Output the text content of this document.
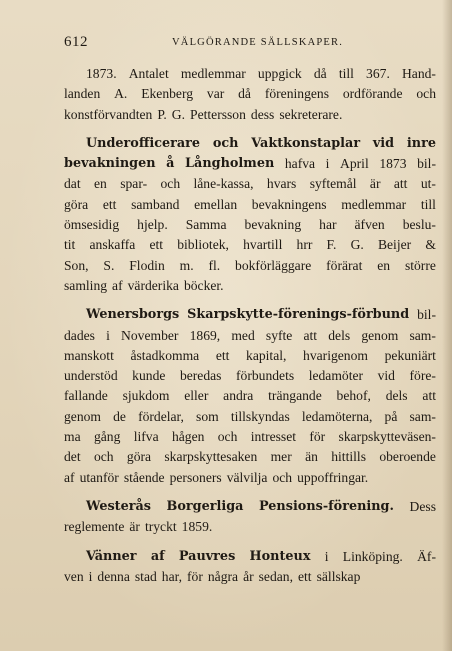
612	VÄLGÖRANDE SÄLLSKAPER.
1873. Antalet medlemmar uppgick då till 367. Hand-
landen A. Ekenberg var då föreningens ordförande och
konstförvandten P. G. Pettersson dess sekreterare.
Underofficerare och Vaktkonstaplar vid inre
bevakningen å Långholmen hafva i April 1873 bil-
dat en spar- och låne-kassa, hvars syftemål är att ut-
göra ett samband emellan bevakningens medlemmar till
ömsesidig hjelp. Samma bevakning har äfven beslu-
tit anskaffa ett bibliotek, hvartill hrr F. G. Beijer &
Son, S. Flodin m. fl. bokförläggare förärat en större
samling af värderika böcker.
Wenersborgs Skarpskytte-förenings-förbund bil-
dades i November 1869, med syfte att dels genom sam-
manskott åstadkomma ett kapital, hvarigenom pekuniärt
understöd kunde beredas förbundets ledamöter vid före-
fallande sjukdom eller andra trängande behof, dels att
genom de fördelar, som tillskyndas ledamöterna, på sam-
ma gång lifva hågen och intresset för skarpskytteväsen-
det och göra skarpskyttesaken mer än hittills oberoende
af utanför stående personers välvilja och uppoffringar.
Westerås Borgerliga Pensions-förening. Dess
reglemente är tryckt 1859.
Vänner af Pauvres Honteux i Linköping. Äf-
ven i denna stad har, för några år sedan, ett sällskap
